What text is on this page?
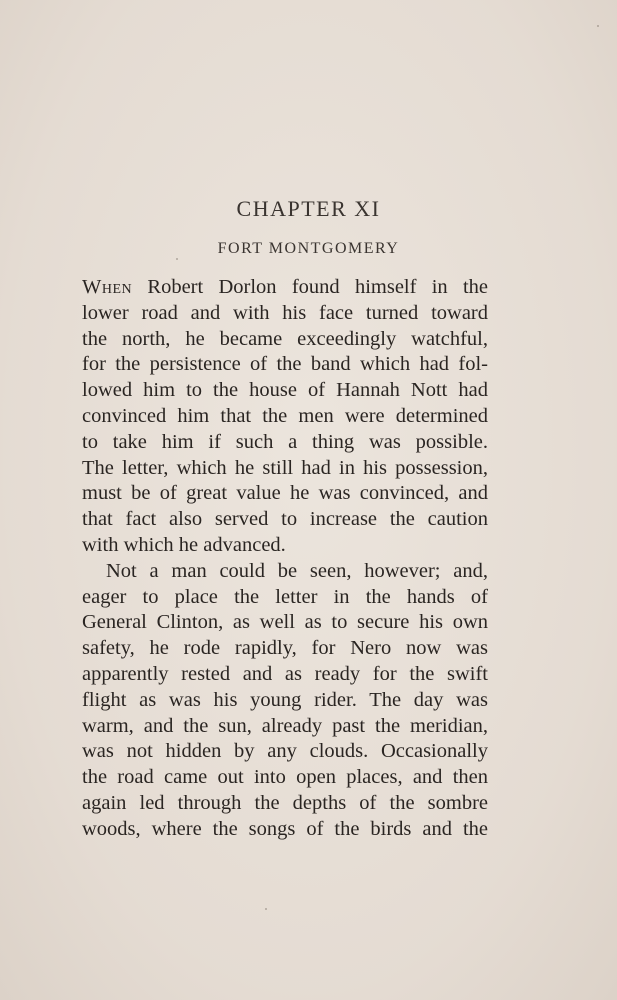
CHAPTER XI
FORT MONTGOMERY
When Robert Dorlon found himself in the
lower road and with his face turned toward
the north, he became exceedingly watchful,
for the persistence of the band which had fol-
lowed him to the house of Hannah Nott had
convinced him that the men were determined
to take him if such a thing was possible.
The letter, which he still had in his possession,
must be of great value he was convinced, and
that fact also served to increase the caution
with which he advanced.
Not a man could be seen, however; and,
eager to place the letter in the hands of
General Clinton, as well as to secure his own
safety, he rode rapidly, for Nero now was
apparently rested and as ready for the swift
flight as was his young rider. The day was
warm, and the sun, already past the meridian,
was not hidden by any clouds. Occasionally
the road came out into open places, and then
again led through the depths of the sombre
woods, where the songs of the birds and the
